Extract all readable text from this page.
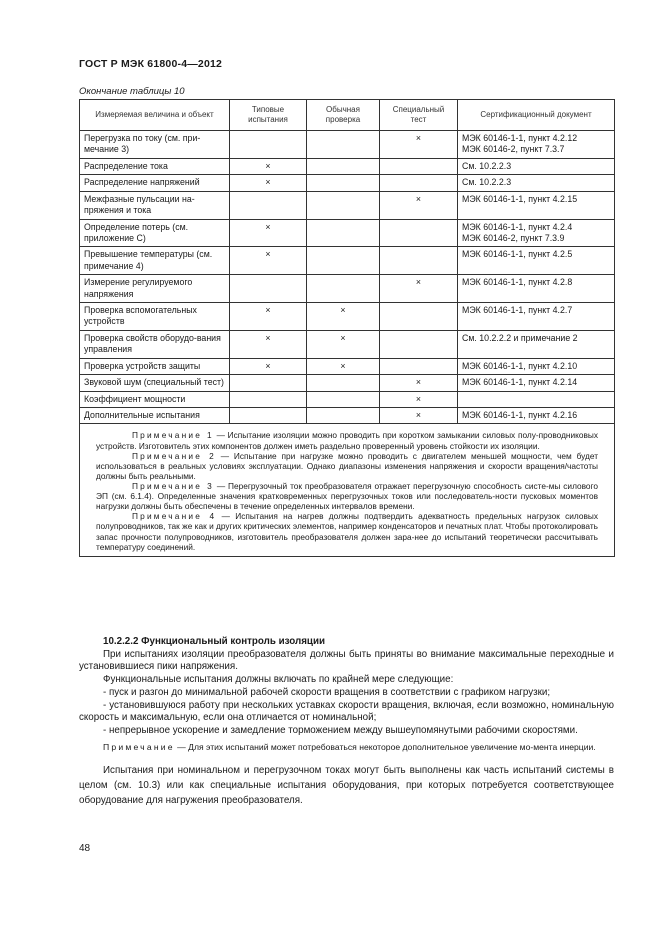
ГОСТ Р МЭК 61800-4—2012
Окончание таблицы 10
Измеряемая величина и объект	Типовые испытания	Обычная проверка	Специальный тест	Сертификационный документ
Перегрузка по току (см. при-мечание 3)			×	МЭК 60146-1-1, пункт 4.2.12
МЭК 60146-2, пункт 7.3.7
Распределение тока	×			См. 10.2.2.3
Распределение напряжений	×			См. 10.2.2.3
Межфазные пульсации на-пряжения и тока			×	МЭК 60146-1-1, пункт 4.2.15
Определение потерь (см. приложение С)	×			МЭК 60146-1-1, пункт 4.2.4
МЭК 60146-2, пункт 7.3.9
Превышение температуры (см. примечание 4)	×			МЭК 60146-1-1, пункт 4.2.5
Измерение регулируемого напряжения			×	МЭК 60146-1-1, пункт 4.2.8
Проверка вспомогательных устройств	×	×		МЭК 60146-1-1, пункт 4.2.7
Проверка свойств оборудо-вания управления	×	×		См. 10.2.2.2 и примечание 2
Проверка устройств защиты	×	×		МЭК 60146-1-1, пункт 4.2.10
Звуковой шум (специальный тест)			×	МЭК 60146-1-1, пункт 4.2.14
Коэффициент мощности			×	
Дополнительные испытания			×	МЭК 60146-1-1, пункт 4.2.16

Примечание 1 — Испытание изоляции можно проводить при коротком замыкании силовых полу-проводниковых устройств. Изготовитель этих компонентов должен иметь раздельно проверенный уровень стойкости их изоляции.

Примечание 2 — Испытание при нагрузке можно проводить с двигателем меньшей мощности, чем будет использоваться в реальных условиях эксплуатации. Однако диапазоны изменения напряжения и скорости вращения/частоты должны быть реальными.

Примечание 3 — Перегрузочный ток преобразователя отражает перегрузочную способность систе-мы силового ЭП (см. 6.1.4). Определенные значения кратковременных перегрузочных токов или последователь-ности пусковых моментов нагрузки должны быть обеспечены в течение определенных интервалов времени.

Примечание 4 — Испытания на нагрев должны подтвердить адекватность предельных нагрузок силовых полупроводников, так же как и других критических элементов, например конденсаторов и печатных плат. Чтобы протоколировать запас прочности полупроводников, изготовитель преобразователя должен зара-нее до испытаний теоретически рассчитывать температуру соединений.				

10.2.2.2 Функциональный контроль изоляции

При испытаниях изоляции преобразователя должны быть приняты во внимание максимальные переходные и установившиеся пики напряжения.

Функциональные испытания должны включать по крайней мере следующие:

- пуск и разгон до минимальной рабочей скорости вращения в соответствии с графиком нагрузки;

- установившуюся работу при нескольких уставках скорости вращения, включая, если возможно, номинальную скорость и максимальную, если она отличается от номинальной;

- непрерывное ускорение и замедление торможением между вышеупомянутыми рабочими скоростями.

Примечание — Для этих испытаний может потребоваться некоторое дополнительное увеличение мо-мента инерции.

Испытания при номинальном и перегрузочном токах могут быть выполнены как часть испытаний системы в целом (см. 10.3) или как специальные испытания оборудования, при которых потребуется соответствующее оборудование для нагружения преобразователя.

48
